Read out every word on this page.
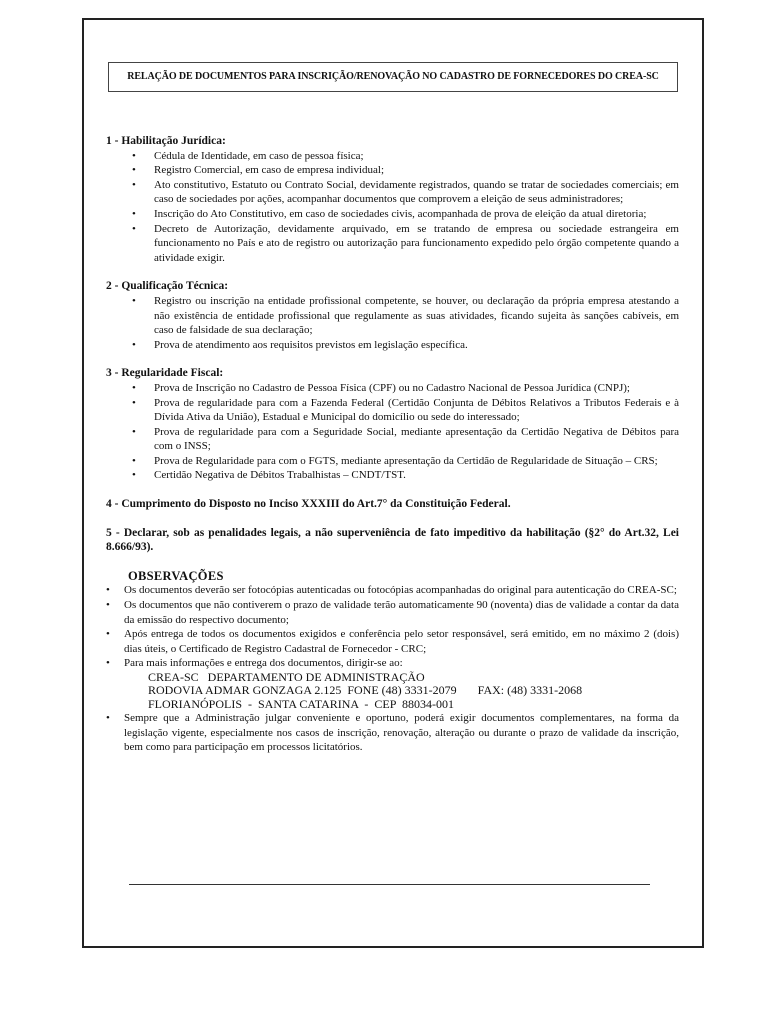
RELAÇÃO DE DOCUMENTOS PARA INSCRIÇÃO/RENOVAÇÃO NO CADASTRO DE FORNECEDORES DO CREA-SC

1 - Habilitação Jurídica:

• Cédula de Identidade, em caso de pessoa física;
• Registro Comercial, em caso de empresa individual;
• Ato constitutivo, Estatuto ou Contrato Social, devidamente registrados, quando se tratar de sociedades comerciais; em caso de sociedades por ações, acompanhar documentos que comprovem a eleição de seus administradores;
• Inscrição do Ato Constitutivo, em caso de sociedades civis, acompanhada de prova de eleição da atual diretoria;
• Decreto de Autorização, devidamente arquivado, em se tratando de empresa ou sociedade estrangeira em funcionamento no País e ato de registro ou autorização para funcionamento expedido pelo órgão competente quando a atividade exigir.

2 - Qualificação Técnica:

• Registro ou inscrição na entidade profissional competente, se houver, ou declaração da própria empresa atestando a não existência de entidade profissional que regulamente as suas atividades, ficando sujeita às sanções cabíveis, em caso de falsidade de sua declaração;
• Prova de atendimento aos requisitos previstos em legislação específica.

3 - Regularidade Fiscal:

• Prova de Inscrição no Cadastro de Pessoa Física (CPF) ou no Cadastro Nacional de Pessoa Jurídica (CNPJ);
• Prova de regularidade para com a Fazenda Federal (Certidão Conjunta de Débitos Relativos a Tributos Federais e à Dívida Ativa da União), Estadual e Municipal do domicílio ou sede do interessado;
• Prova de regularidade para com a Seguridade Social, mediante apresentação da Certidão Negativa de Débitos para com o INSS;
• Prova de Regularidade para com o FGTS, mediante apresentação da Certidão de Regularidade de Situação – CRS;
• Certidão Negativa de Débitos Trabalhistas – CNDT/TST.

4 - Cumprimento do Disposto no Inciso XXXIII do Art.7° da Constituição Federal.

5 - Declarar, sob as penalidades legais, a não superveniência de fato impeditivo da habilitação (§2° do Art.32, Lei 8.666/93).

OBSERVAÇÕES

• Os documentos deverão ser fotocópias autenticadas ou fotocópias acompanhadas do original para autenticação do CREA-SC;
• Os documentos que não contiverem o prazo de validade terão automaticamente 90 (noventa) dias de validade a contar da data da emissão do respectivo documento;
• Após entrega de todos os documentos exigidos e conferência pelo setor responsável, será emitido, em no máximo 2 (dois) dias úteis, o Certificado de Registro Cadastral de Fornecedor - CRC;
• Para mais informações e entrega dos documentos, dirigir-se ao:
CREA-SC   DEPARTAMENTO DE ADMINISTRAÇÃO
RODOVIA ADMAR GONZAGA 2.125  FONE (48) 3331-2079       FAX: (48) 3331-2068
FLORIANÓPOLIS  -  SANTA CATARINA  -  CEP  88034-001
• Sempre que a Administração julgar conveniente e oportuno, poderá exigir documentos complementares, na forma da legislação vigente, especialmente nos casos de inscrição, renovação, alteração ou durante o prazo de validade da inscrição, bem como para participação em processos licitatórios.
